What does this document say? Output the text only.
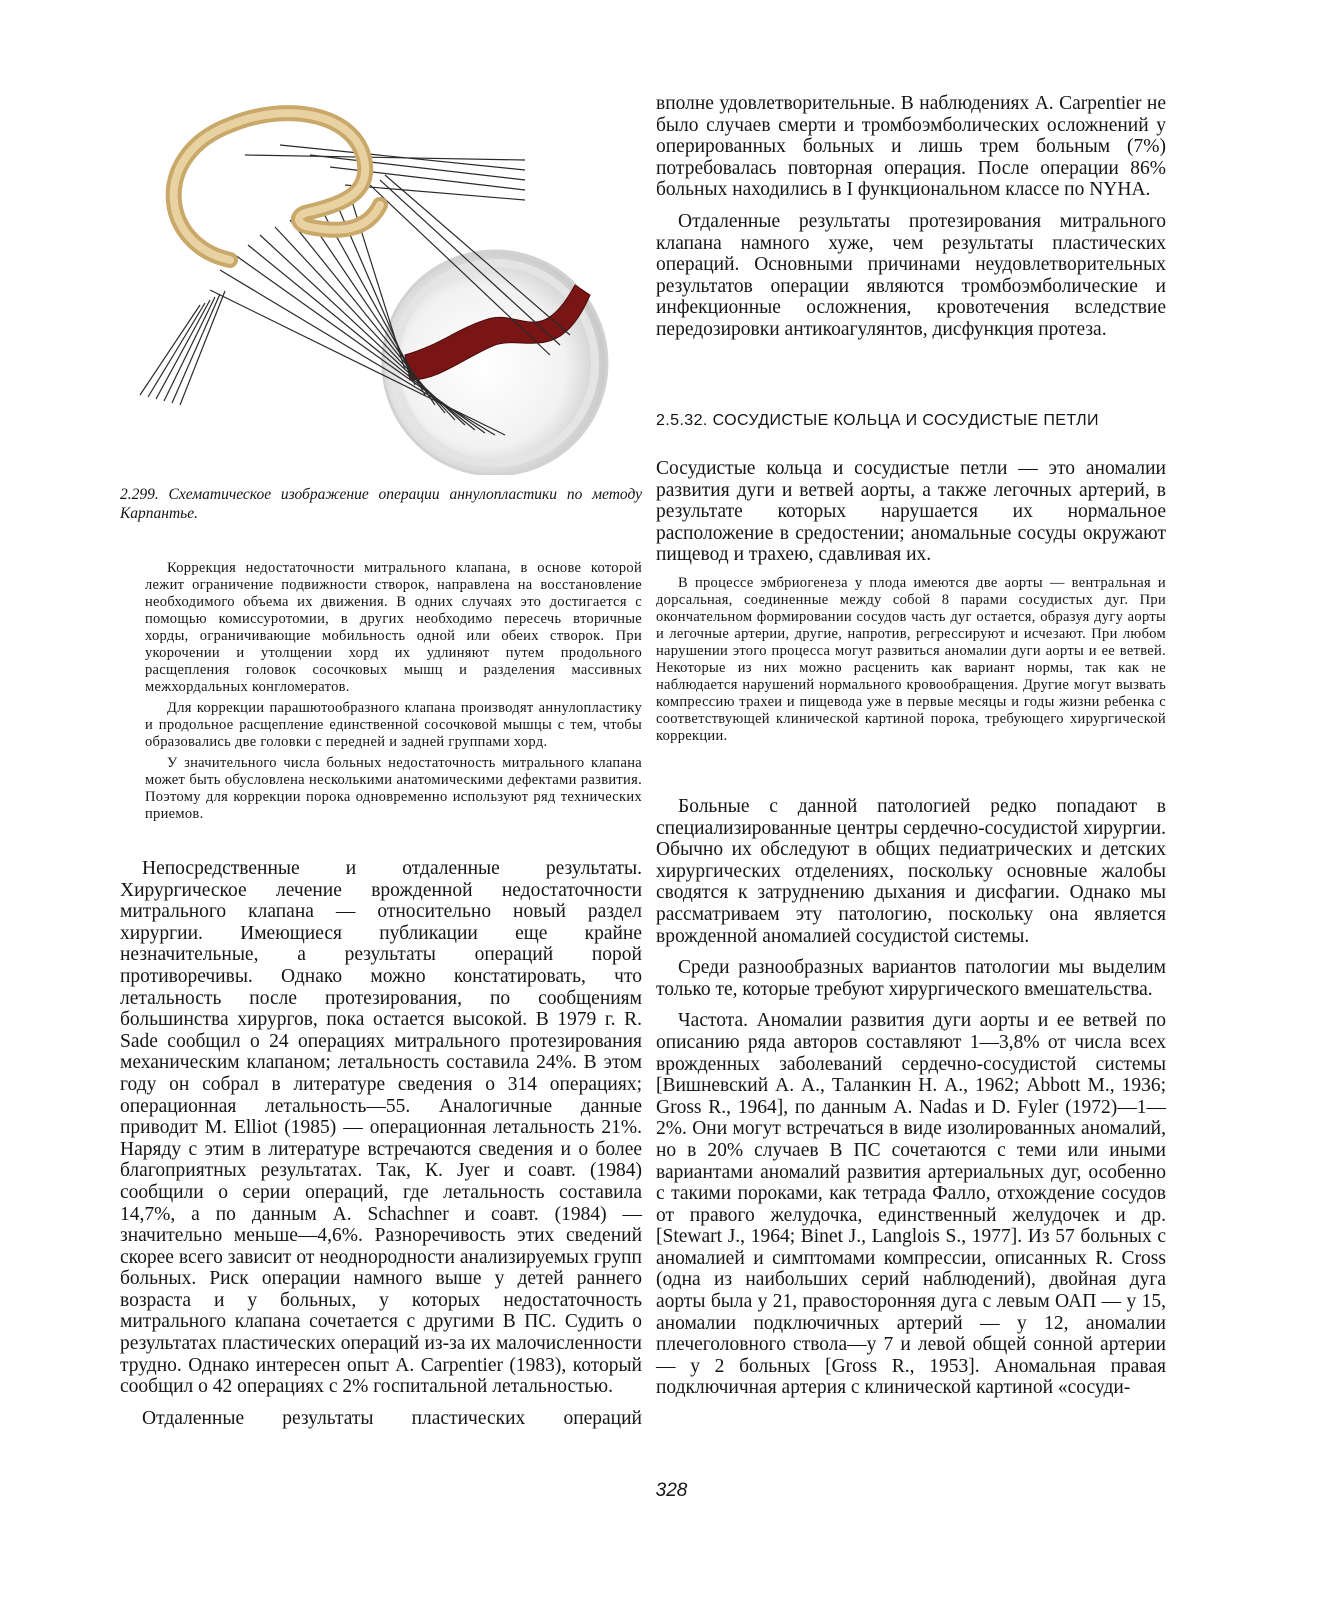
2.299. Схематическое изображение операции аннулопластики по методу Карпантье.

Коррекция недостаточности митрального клапана, в основе которой лежит ограничение подвижности створок, направлена на восстановление необходимого объема их движения. В одних случаях это достигается с помощью комиссуротомии, в других необходимо пересечь вторичные хорды, ограничивающие мобильность одной или обеих створок. При укорочении и утолщении хорд их удлиняют путем продольного расщепления головок сосочковых мышц и разделения массивных межхордальных конгломератов.

Для коррекции парашютообразного клапана производят аннулопластику и продольное расщепление единственной сосочковой мышцы с тем, чтобы образовались две головки с передней и задней группами хорд.

У значительного числа больных недостаточность митрального клапана может быть обусловлена несколькими анатомическими дефектами развития. Поэтому для коррекции порока одновременно используют ряд технических приемов.

Непосредственные и отдаленные результаты. Хирургическое лечение врожденной недостаточности митрального клапана — относительно новый раздел хирургии. Имеющиеся публикации еще крайне незначительные, а результаты операций порой противоречивы. Однако можно констатировать, что летальность после протезирования, по сообщениям большинства хирургов, пока остается высокой. В 1979 г. R. Sade сообщил о 24 операциях митрального протезирования механическим клапаном; летальность составила 24%. В этом году он собрал в литературе сведения о 314 операциях; операционная летальность—55. Аналогичные данные приводит М. Elliot (1985) — операционная летальность 21%. Наряду с этим в литературе встречаются сведения и о более благоприятных результатах. Так, К. Jyer и соавт. (1984) сообщили о серии операций, где летальность составила 14,7%, а по данным A. Schachner и соавт. (1984) — значительно меньше—4,6%. Разноречивость этих сведений скорее всего зависит от неоднородности анализируемых групп больных. Риск операции намного выше у детей раннего возраста и у больных, у которых недостаточность митрального клапана сочетается с другими В ПС. Судить о результатах пластических операций из-за их малочисленности трудно. Однако интересен опыт A. Carpentier (1983), который сообщил о 42 операциях с 2% госпитальной летальностью.

Отдаленные результаты пластических операций

вполне удовлетворительные. В наблюдениях A. Carpentier не было случаев смерти и тромбоэмболических осложнений у оперированных больных и лишь трем больным (7%) потребовалась повторная операция. После операции 86% больных находились в I функциональном классе по NYHA.

Отдаленные результаты протезирования митрального клапана намного хуже, чем результаты пластических операций. Основными причинами неудовлетворительных результатов операции являются тромбоэмболические и инфекционные осложнения, кровотечения вследствие передозировки антикоагулянтов, дисфункция протеза.

2.5.32. СОСУДИСТЫЕ КОЛЬЦА И СОСУДИСТЫЕ ПЕТЛИ
Сосудистые кольца и сосудистые петли — это аномалии развития дуги и ветвей аорты, а также легочных артерий, в результате которых нарушается их нормальное расположение в средостении; аномальные сосуды окружают пищевод и трахею, сдавливая их.

В процессе эмбриогенеза у плода имеются две аорты — вентральная и дорсальная, соединенные между собой 8 парами сосудистых дуг. При окончательном формировании сосудов часть дуг остается, образуя дугу аорты и легочные артерии, другие, напротив, регрессируют и исчезают. При любом нарушении этого процесса могут развиться аномалии дуги аорты и ее ветвей. Некоторые из них можно расценить как вариант нормы, так как не наблюдается нарушений нормального кровообращения. Другие могут вызвать компрессию трахеи и пищевода уже в первые месяцы и годы жизни ребенка с соответствующей клинической картиной порока, требующего хирургической коррекции.

Больные с данной патологией редко попадают в специализированные центры сердечно-сосудистой хирургии. Обычно их обследуют в общих педиатрических и детских хирургических отделениях, поскольку основные жалобы сводятся к затруднению дыхания и дисфагии. Однако мы рассматриваем эту патологию, поскольку она является врожденной аномалией сосудистой системы.

Среди разнообразных вариантов патологии мы выделим только те, которые требуют хирургического вмешательства.

Частота. Аномалии развития дуги аорты и ее ветвей по описанию ряда авторов составляют 1—3,8% от числа всех врожденных заболеваний сердечно-сосудистой системы [Вишневский А. А., Таланкин Н. А., 1962; Abbott М., 1936; Gross R., 1964], по данным A. Nadas и D. Fyler (1972)—1—2%. Они могут встречаться в виде изолированных аномалий, но в 20% случаев В ПС сочетаются с теми или иными вариантами аномалий развития артериальных дуг, особенно с такими пороками, как тетрада Фалло, отхождение сосудов от правого желудочка, единственный желудочек и др. [Stewart J., 1964; Binet J., Langlois S., 1977]. Из 57 больных с аномалией и симптомами компрессии, описанных R. Cross (одна из наибольших серий наблюдений), двойная дуга аорты была у 21, правосторонняя дуга с левым ОАП — у 15, аномалии подключичных артерий — у 12, аномалии плечеголовного ствола—у 7 и левой общей сонной артерии — у 2 больных [Gross R., 1953]. Аномальная правая подключичная артерия с клинической картиной «сосуди-

328
